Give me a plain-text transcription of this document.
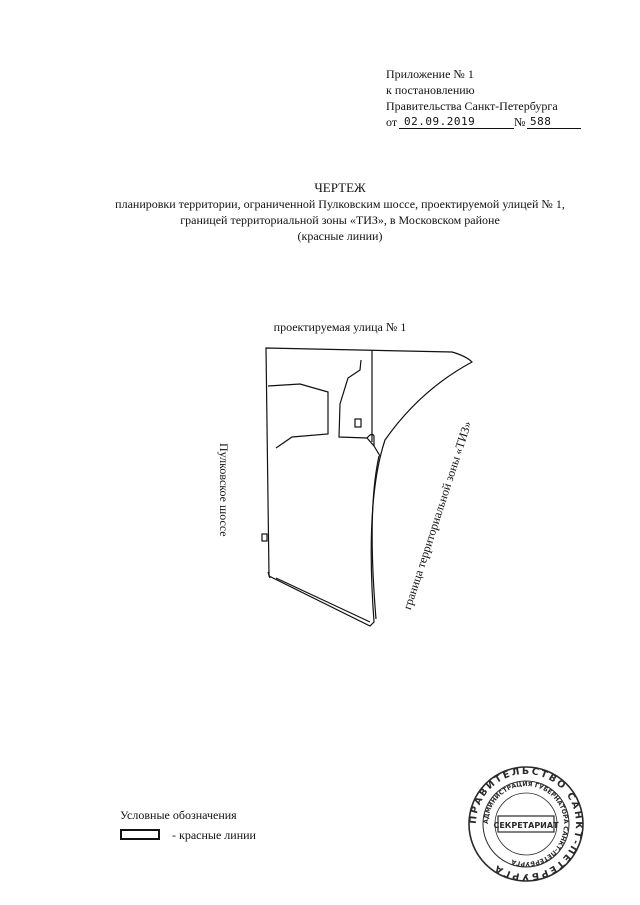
Приложение № 1
к постановлению
Правительства Санкт-Петербурга
от 02.09.2019	№ 588
ЧЕРТЕЖ
планировки территории, ограниченной Пулковским шоссе, проектируемой улицей № 1,
границей территориальной зоны «ТИЗ», в Московском районе
(красные линии)
проектируемая улица № 1
Пулковское шоссе	граница территориальной зоны «ТИЗ»
Условные обозначения
- красные линии
ПРАВИТЕЛЬСТВО САНКТ-ПЕТЕРБУРГА
АДМИНИСТРАЦИЯ ГУБЕРНАТОРА САНКТ-ПЕТЕРБУРГА
СЕКРЕТАРИАТ
